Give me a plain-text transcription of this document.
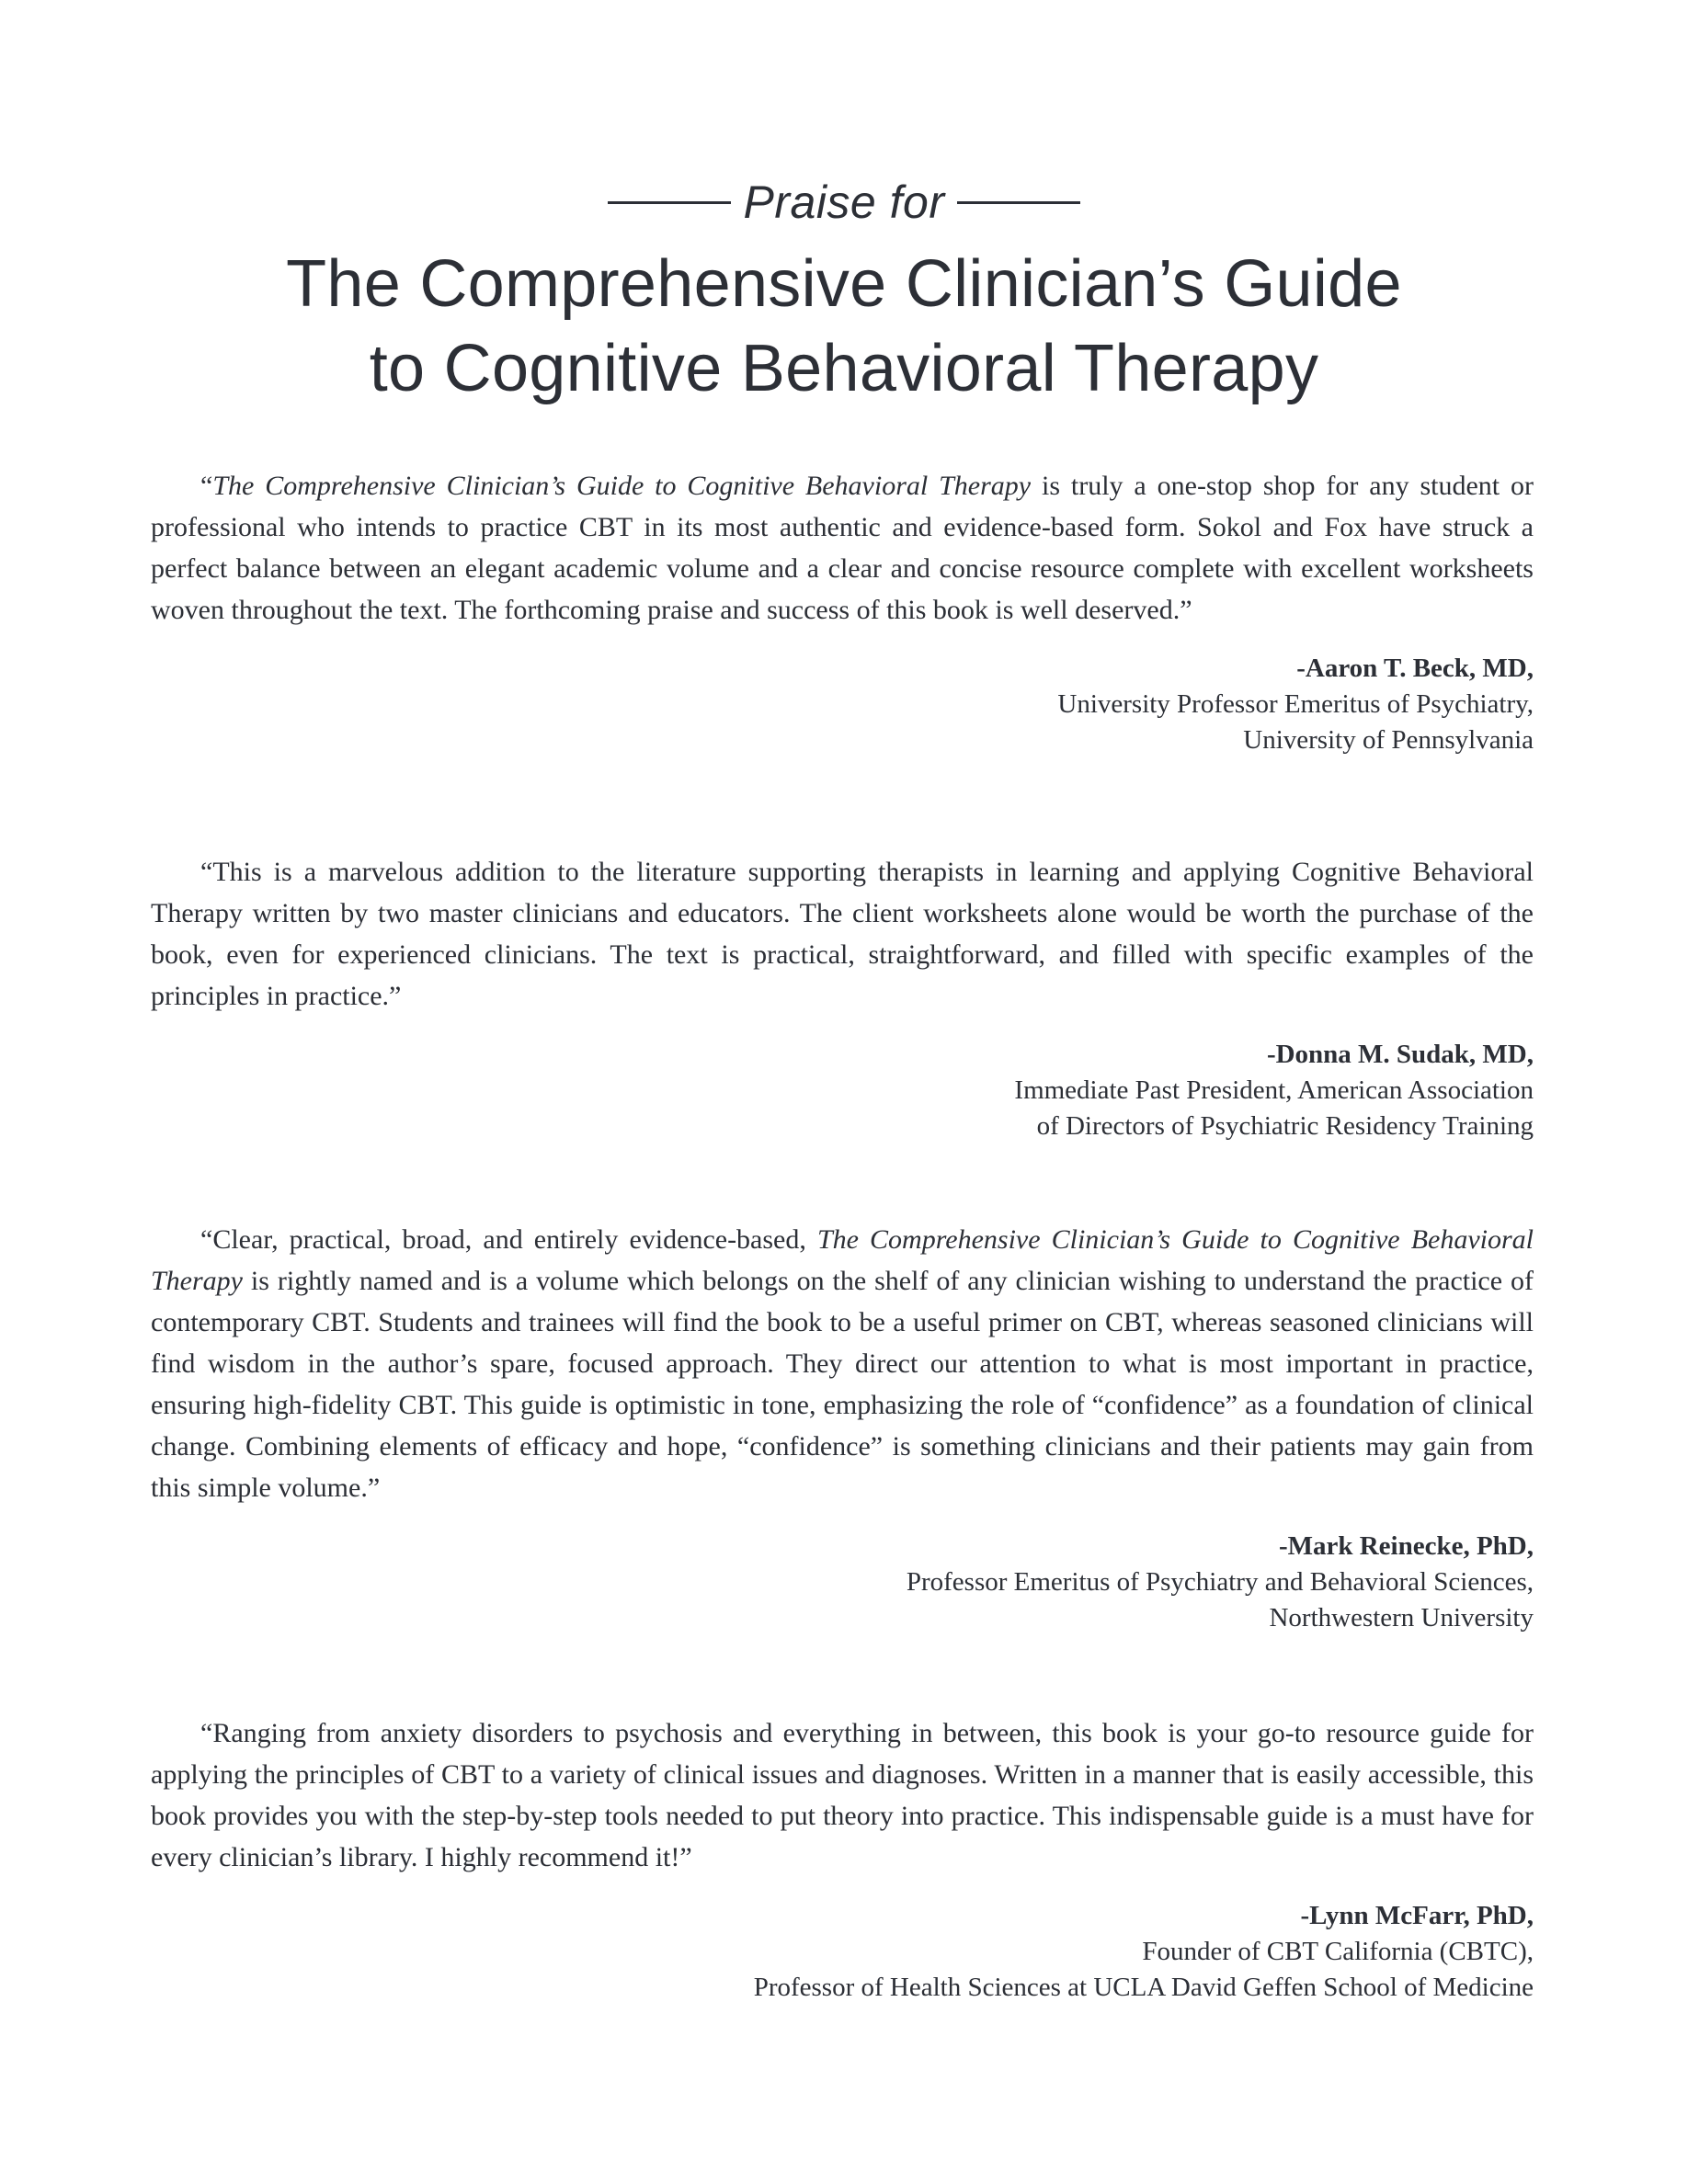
Praise for
The Comprehensive Clinician’s Guide
to Cognitive Behavioral Therapy

“The Comprehensive Clinician’s Guide to Cognitive Behavioral Therapy is truly a one-stop shop for any student or professional who intends to practice CBT in its most authentic and evidence-based form. Sokol and Fox have struck a perfect balance between an elegant academic volume and a clear and concise resource complete with excellent worksheets woven throughout the text. The forthcoming praise and success of this book is well deserved.”

-Aaron T. Beck, MD,
University Professor Emeritus of Psychiatry,
University of Pennsylvania

“This is a marvelous addition to the literature supporting therapists in learning and applying Cognitive Behavioral Therapy written by two master clinicians and educators. The client worksheets alone would be worth the purchase of the book, even for experienced clinicians. The text is practical, straightforward, and filled with specific examples of the principles in practice.”

-Donna M. Sudak, MD,
Immediate Past President, American Association
of Directors of Psychiatric Residency Training

“Clear, practical, broad, and entirely evidence-based, The Comprehensive Clinician’s Guide to Cognitive Behavioral Therapy is rightly named and is a volume which belongs on the shelf of any clinician wishing to understand the practice of contemporary CBT. Students and trainees will find the book to be a useful primer on CBT, whereas seasoned clinicians will find wisdom in the author’s spare, focused approach. They direct our attention to what is most important in practice, ensuring high-fidelity CBT. This guide is optimistic in tone, emphasizing the role of “confidence” as a foundation of clinical change. Combining elements of efficacy and hope, “confidence” is something clinicians and their patients may gain from this simple volume.”

-Mark Reinecke, PhD,
Professor Emeritus of Psychiatry and Behavioral Sciences,
Northwestern University

“Ranging from anxiety disorders to psychosis and everything in between, this book is your go-to resource guide for applying the principles of CBT to a variety of clinical issues and diagnoses. Written in a manner that is easily accessible, this book provides you with the step-by-step tools needed to put theory into practice. This indispensable guide is a must have for every clinician’s library. I highly recommend it!”

-Lynn McFarr, PhD,
Founder of CBT California (CBTC),
Professor of Health Sciences at UCLA David Geffen School of Medicine
